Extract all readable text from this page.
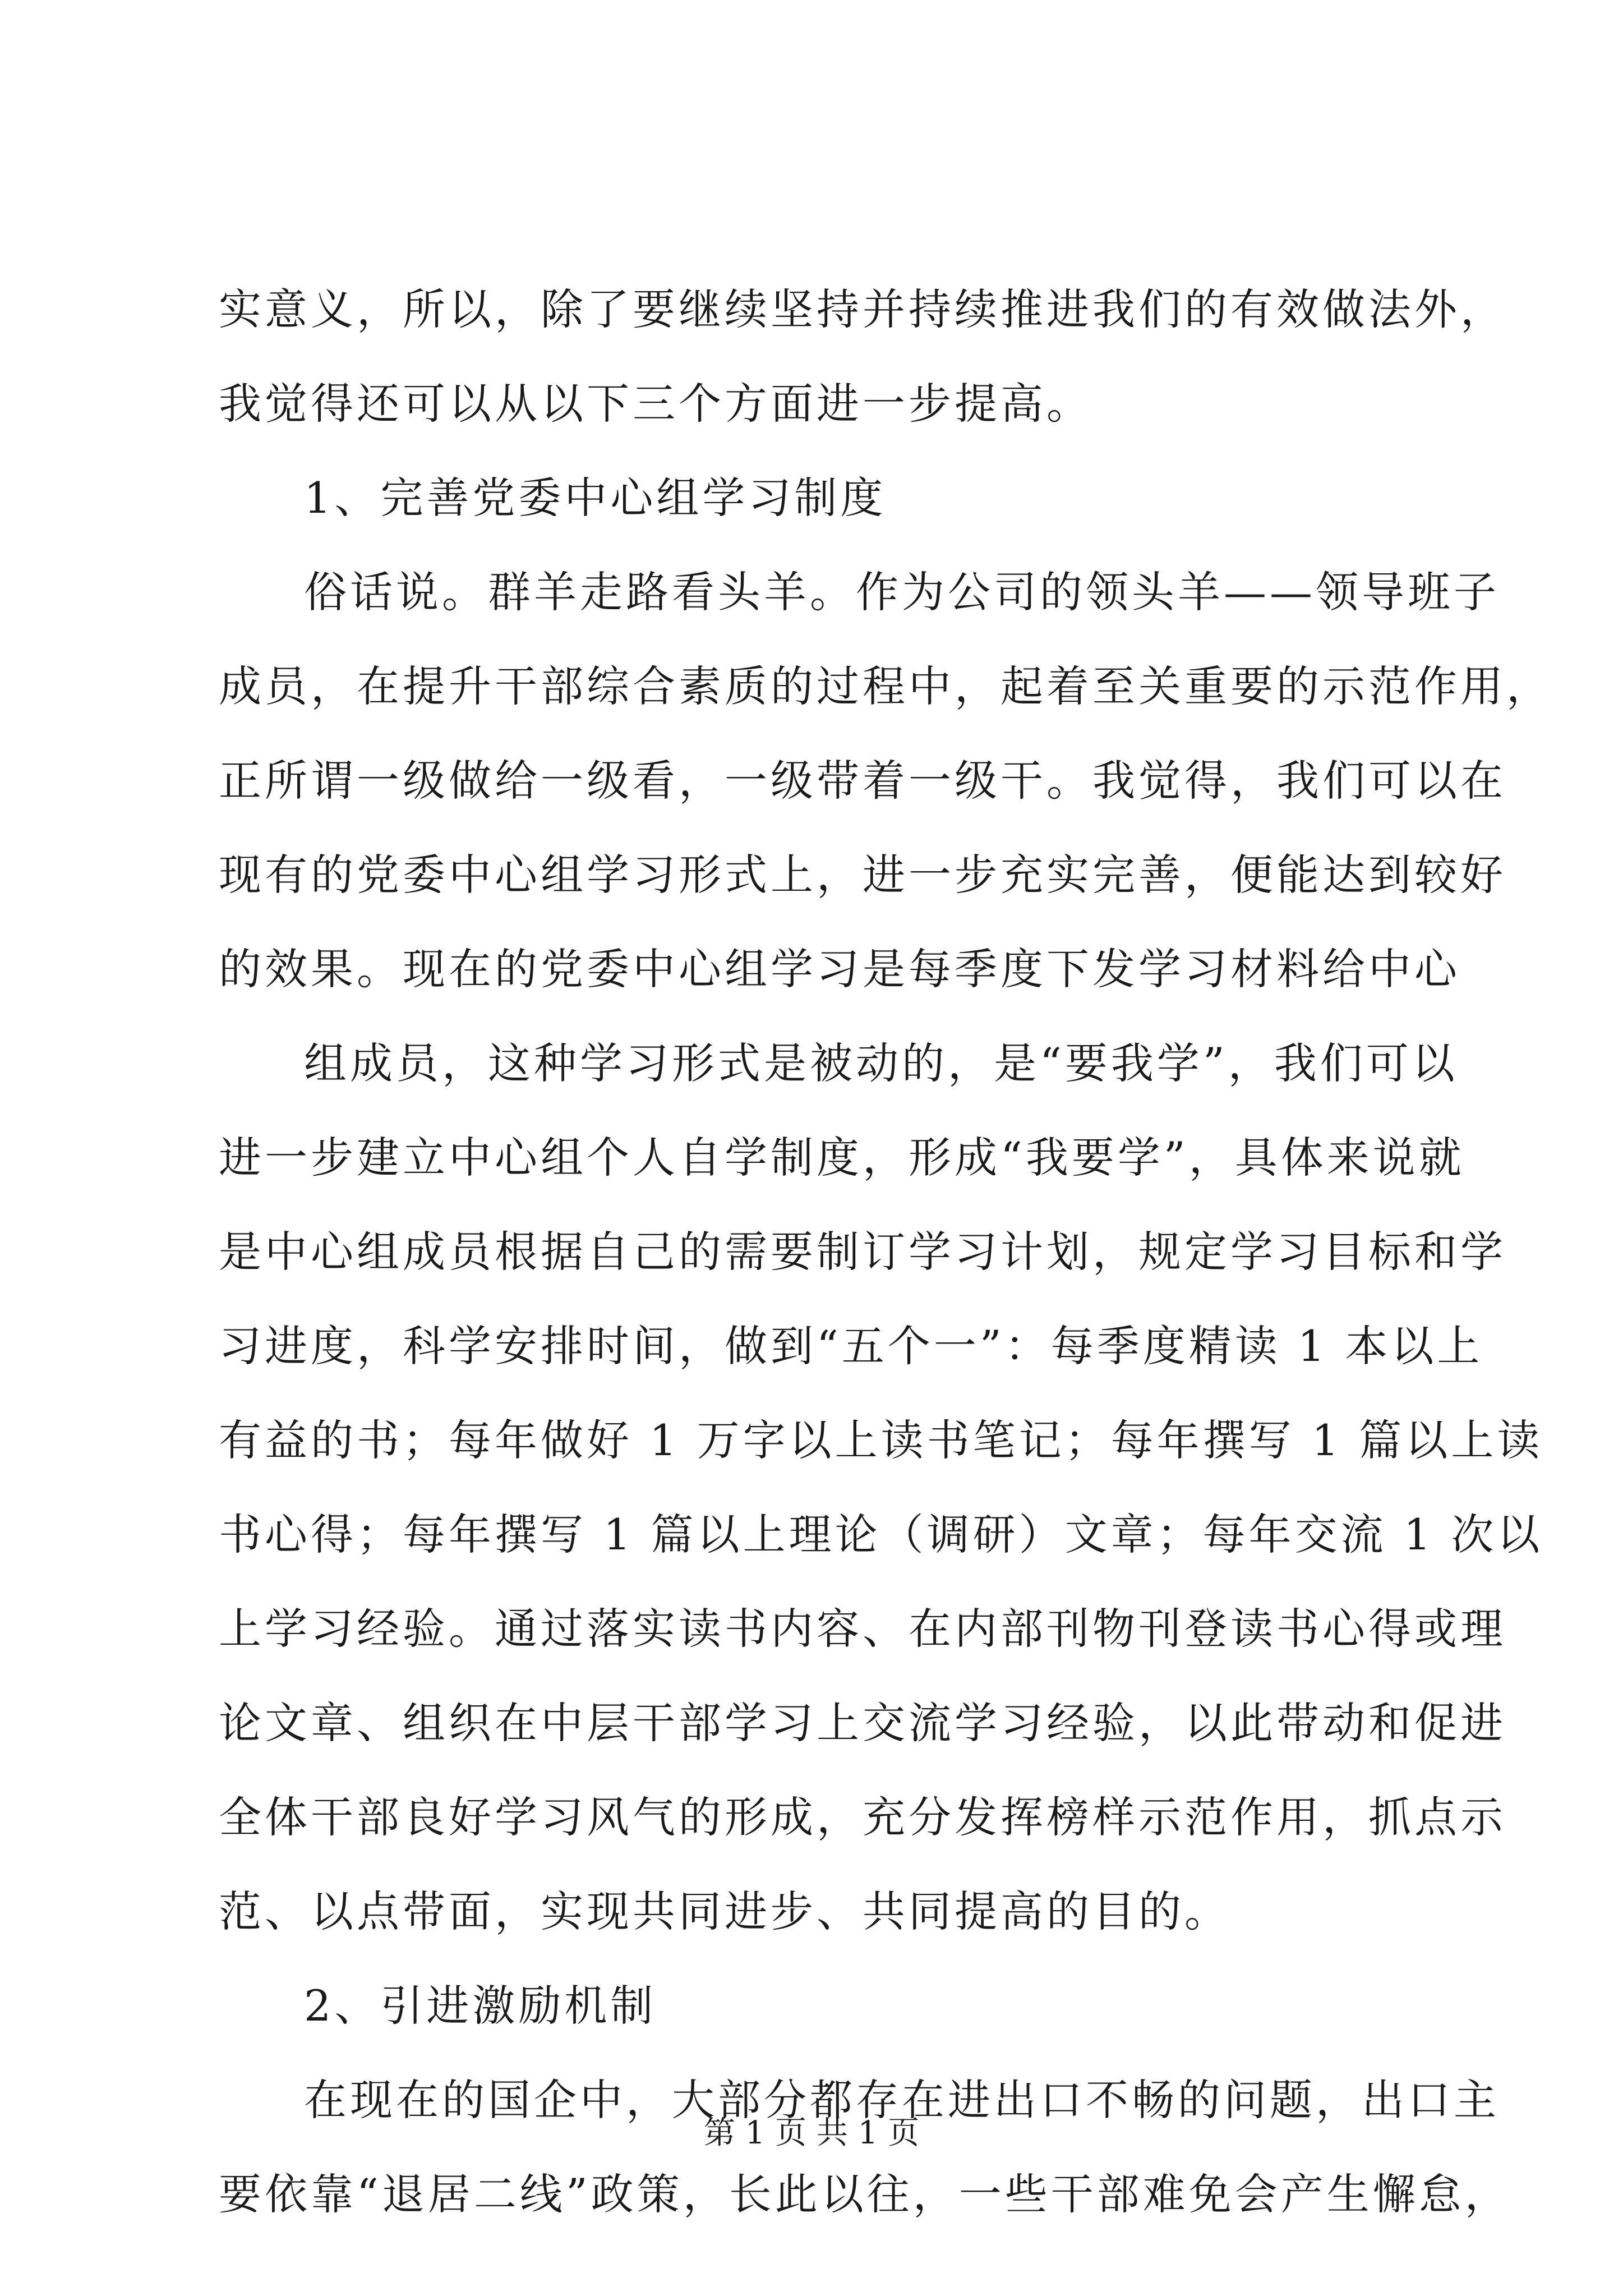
实意义，所以，除了要继续坚持并持续推进我们的有效做法外，
我觉得还可以从以下三个方面进一步提高。
1、完善党委中心组学习制度
俗话说。群羊走路看头羊。作为公司的领头羊——领导班子
成员，在提升干部综合素质的过程中，起着至关重要的示范作用，
正所谓一级做给一级看，一级带着一级干。我觉得，我们可以在
现有的党委中心组学习形式上，进一步充实完善，便能达到较好
的效果。现在的党委中心组学习是每季度下发学习材料给中心
组成员，这种学习形式是被动的，是“要我学”，我们可以
进一步建立中心组个人自学制度，形成“我要学”，具体来说就
是中心组成员根据自己的需要制订学习计划，规定学习目标和学
习进度，科学安排时间，做到“五个一”：每季度精读 1 本以上
有益的书；每年做好 1 万字以上读书笔记；每年撰写 1 篇以上读
书心得；每年撰写 1 篇以上理论（调研）文章；每年交流 1 次以
上学习经验。通过落实读书内容、在内部刊物刊登读书心得或理
论文章、组织在中层干部学习上交流学习经验，以此带动和促进
全体干部良好学习风气的形成，充分发挥榜样示范作用，抓点示
范、以点带面，实现共同进步、共同提高的目的。
2、引进激励机制
在现在的国企中，大部分都存在进出口不畅的问题，出口主
要依靠“退居二线”政策，长此以往，一些干部难免会产生懈怠，
第 1 页 共 1 页
